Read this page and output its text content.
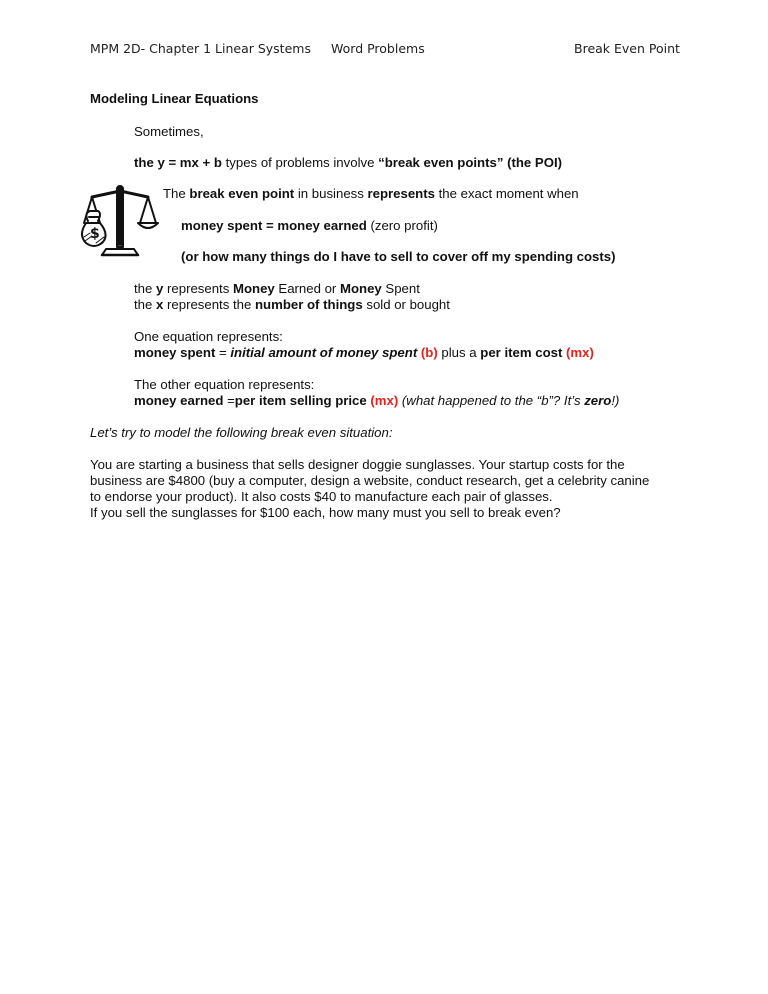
MPM 2D- Chapter 1 Linear Systems Word Problems	Break Even Point
Modeling Linear Equations
Sometimes,
the y = mx + b types of problems involve “break even points” (the POI)
$
The break even point in business represents the exact moment when
money spent = money earned (zero profit)
(or how many things do I have to sell to cover off my spending costs)
the y represents Money Earned or Money Spent
the x represents the number of things sold or bought
One equation represents:
money spent = initial amount of money spent (b) plus a per item cost (mx)
The other equation represents:
money earned =per item selling price (mx) (what happened to the “b”? It’s zero!)
Let’s try to model the following break even situation:
You are starting a business that sells designer doggie sunglasses. Your startup costs for the
business are $4800 (buy a computer, design a website, conduct research, get a celebrity canine
to endorse your product). It also costs $40 to manufacture each pair of glasses.
If you sell the sunglasses for $100 each, how many must you sell to break even?
